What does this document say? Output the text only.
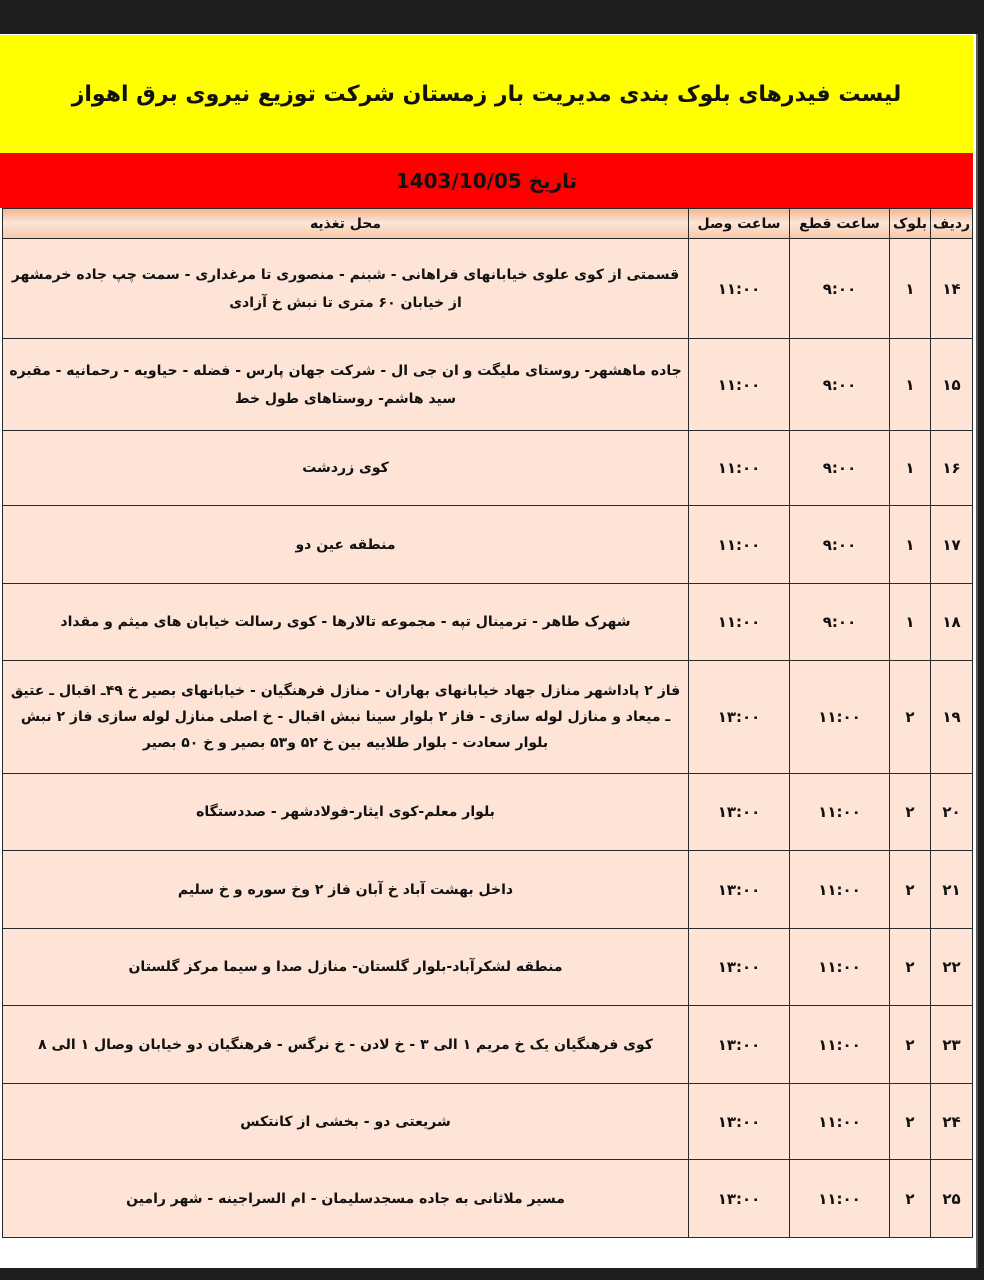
لیست فیدرهای بلوک بندی مدیریت بار زمستان شرکت توزیع نیروی برق اهواز
تاریخ 1403/10/05
ردیف	بلوک	ساعت قطع	ساعت وصل	محل تغذیه
۱۴	۱	۹:۰۰	۱۱:۰۰	قسمتی از کوی علوی خیابانهای فراهانی - شبنم - منصوری تا مرغداری - سمت چپ جاده خرمشهر از خیابان ۶۰ متری تا نبش خ آزادی
۱۵	۱	۹:۰۰	۱۱:۰۰	جاده ماهشهر- روستای ملیگت و ان جی ال - شرکت جهان پارس - فضله - حیاویه - رحمانیه - مقبره سید هاشم- روستاهای طول خط
۱۶	۱	۹:۰۰	۱۱:۰۰	کوی زردشت
۱۷	۱	۹:۰۰	۱۱:۰۰	منطقه عین دو
۱۸	۱	۹:۰۰	۱۱:۰۰	شهرک طاهر - ترمینال تپه - مجموعه تالارها - کوی رسالت خیابان های میثم و مقداد
۱۹	۲	۱۱:۰۰	۱۳:۰۰	فاز ۲ پاداشهر منازل جهاد خیابانهای بهاران - منازل فرهنگیان - خیابانهای بصیر خ ۴۹ـ اقبال ـ عتیق ـ میعاد و منازل لوله سازی - فاز ۲ بلوار سینا نبش اقبال - خ اصلی منازل لوله سازی فاز ۲ نبش بلوار سعادت - بلوار طلاییه بین خ ۵۲ و۵۳ بصیر و خ ۵۰ بصیر
۲۰	۲	۱۱:۰۰	۱۳:۰۰	بلوار معلم-کوی ایثار-فولادشهر - صددستگاه
۲۱	۲	۱۱:۰۰	۱۳:۰۰	داخل بهشت آباد خ آبان فاز ۲ وخ سوره و خ سلیم
۲۲	۲	۱۱:۰۰	۱۳:۰۰	منطقه لشکرآباد-بلوار گلستان- منازل صدا و سیما مرکز گلستان
۲۳	۲	۱۱:۰۰	۱۳:۰۰	کوی فرهنگیان یک خ مریم ۱ الی ۳ - خ لادن - خ نرگس - فرهنگیان دو خیابان وصال ۱ الی ۸
۲۴	۲	۱۱:۰۰	۱۳:۰۰	شریعتی دو - بخشی از کانتکس
۲۵	۲	۱۱:۰۰	۱۳:۰۰	مسیر ملاثانی به جاده مسجدسلیمان - ام السراجینه - شهر رامین
